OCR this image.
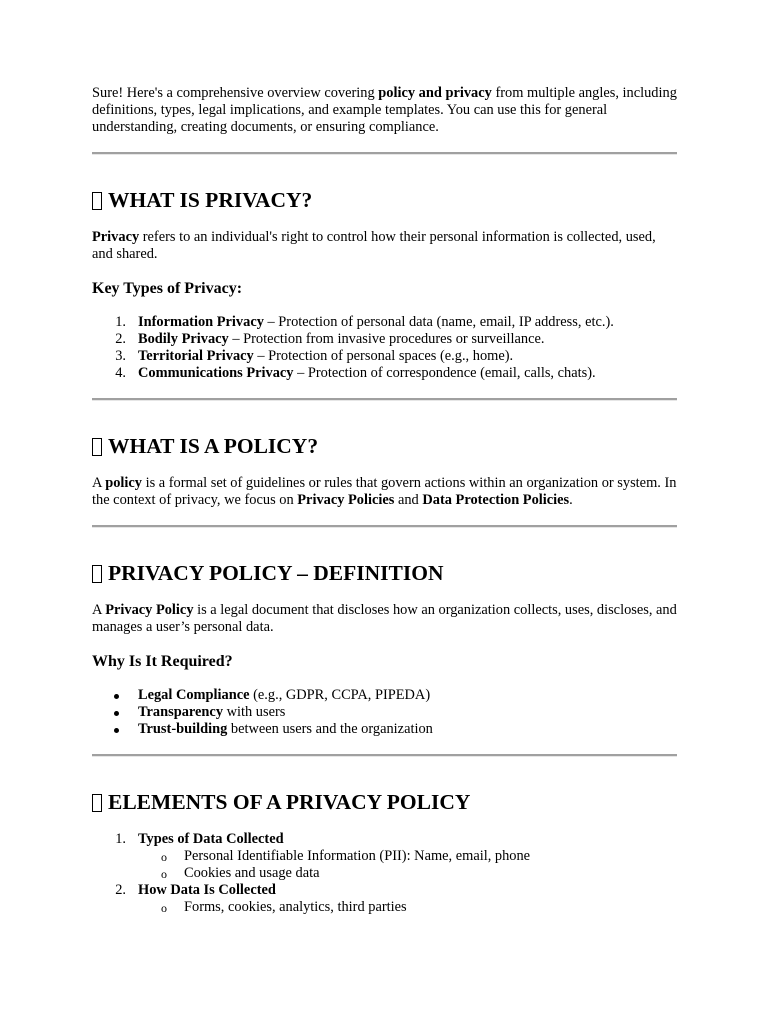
Sure! Here's a comprehensive overview covering policy and privacy from multiple angles, including definitions, types, legal implications, and example templates. You can use this for general understanding, creating documents, or ensuring compliance.

WHAT IS PRIVACY?

Privacy refers to an individual's right to control how their personal information is collected, used, and shared.

Key Types of Privacy:
1. Information Privacy – Protection of personal data (name, email, IP address, etc.).
2. Bodily Privacy – Protection from invasive procedures or surveillance.
3. Territorial Privacy – Protection of personal spaces (e.g., home).
4. Communications Privacy – Protection of correspondence (email, calls, chats).
WHAT IS A POLICY?

A policy is a formal set of guidelines or rules that govern actions within an organization or system. In the context of privacy, we focus on Privacy Policies and Data Protection Policies.

PRIVACY POLICY – DEFINITION

A Privacy Policy is a legal document that discloses how an organization collects, uses, discloses, and manages a user’s personal data.

Why Is It Required?
Legal Compliance (e.g., GDPR, CCPA, PIPEDA)
Transparency with users
Trust-building between users and the organization
ELEMENTS OF A PRIVACY POLICY
1. Types of Data Collected
o Personal Identifiable Information (PII): Name, email, phone
o Cookies and usage data
2. How Data Is Collected
o Forms, cookies, analytics, third parties
